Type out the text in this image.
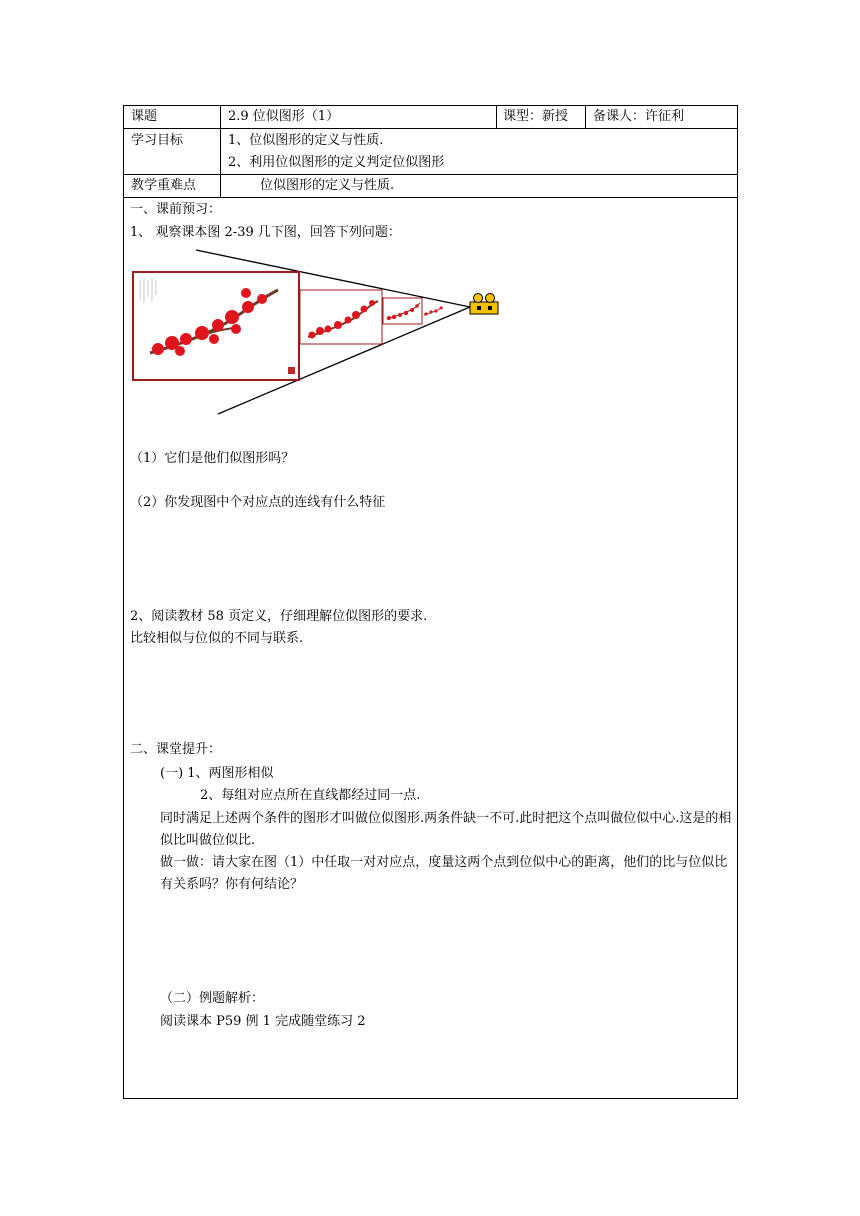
课题	2.9 位似图形（1）	课型：新授 备课人：许征利
学习目标	1、位似图形的定义与性质.
2、利用位似图形的定义判定位似图形
教学重难点	位似图形的定义与性质.
一、课前预习：
1、 观察课本图 2-39 几下图，回答下列问题：
（1）它们是他们似图形吗？
（2）你发现图中个对应点的连线有什么特征
2、阅读教材 58 页定义，仔细理解位似图形的要求.
比较相似与位似的不同与联系.
二、课堂提升：
(一) 1、两图形相似
2、每组对应点所在直线都经过同一点.
同时满足上述两个条件的图形才叫做位似图形.两条件缺一不可.此时把这个点叫做位似中心.这是的相似比叫做位似比.
做一做：请大家在图（1）中任取一对对应点，度量这两个点到位似中心的距离，他们的比与位似比有关系吗？你有何结论？
（二）例题解析：
阅读课本 P59 例 1 完成随堂练习 2
